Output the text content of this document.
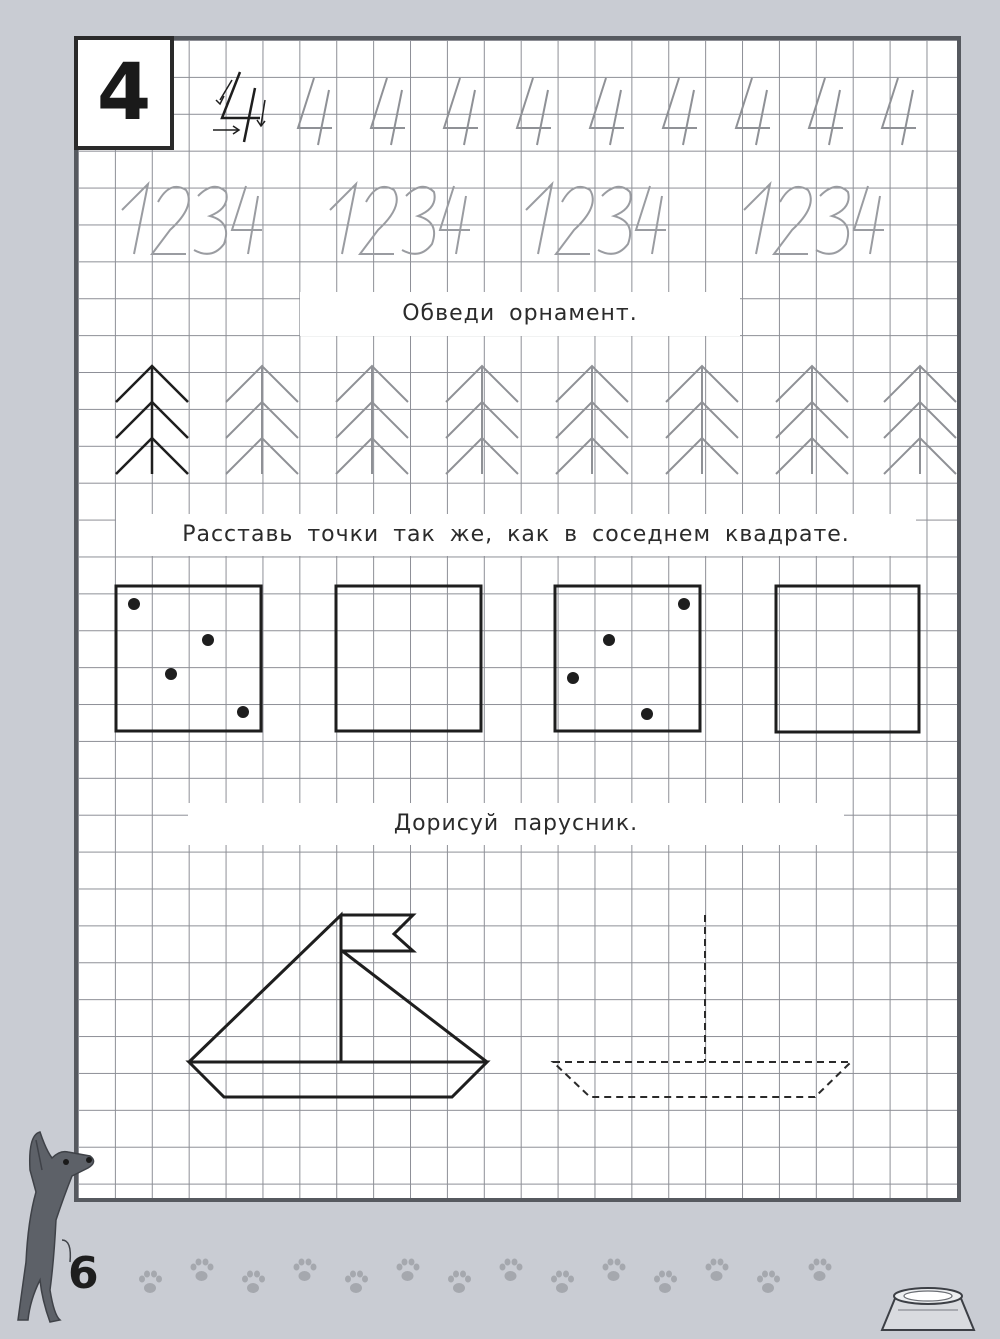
4
Обведи орнамент.
Расставь точки так же, как в соседнем квадрате.
Дорисуй парусник.
6
